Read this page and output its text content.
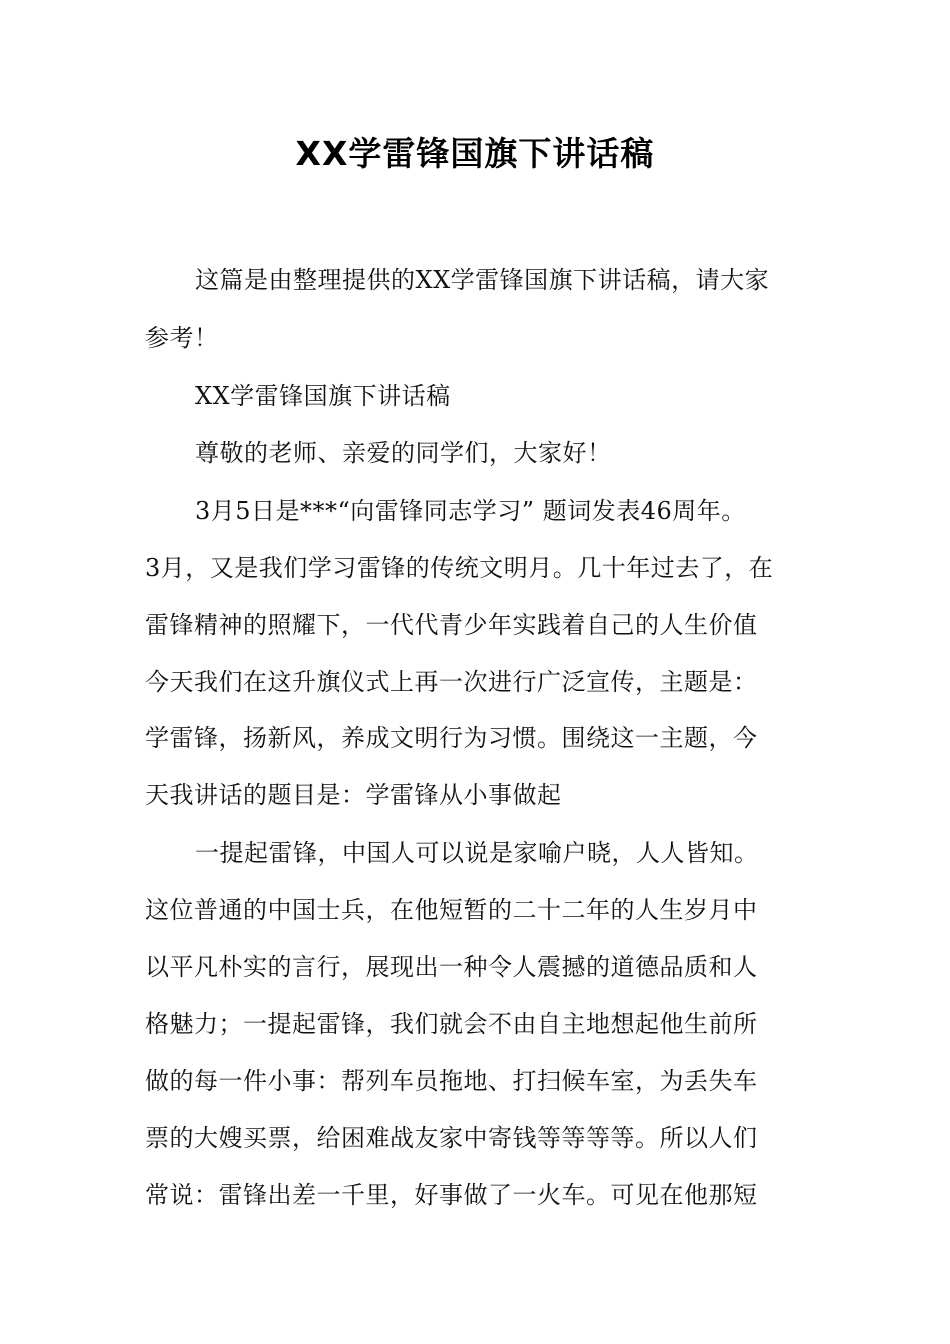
XX学雷锋国旗下讲话稿
这篇是由整理提供的XX学雷锋国旗下讲话稿，请大家
参考！
XX学雷锋国旗下讲话稿
尊敬的老师、亲爱的同学们，大家好！
3月5日是***“向雷锋同志学习” 题词发表46周年。
3月，又是我们学习雷锋的传统文明月。几十年过去了，在
雷锋精神的照耀下，一代代青少年实践着自己的人生价值
今天我们在这升旗仪式上再一次进行广泛宣传，主题是：
学雷锋，扬新风，养成文明行为习惯。围绕这一主题，今
天我讲话的题目是：学雷锋从小事做起
一提起雷锋，中国人可以说是家喻户晓，人人皆知。
这位普通的中国士兵，在他短暂的二十二年的人生岁月中
以平凡朴实的言行，展现出一种令人震撼的道德品质和人
格魅力；一提起雷锋，我们就会不由自主地想起他生前所
做的每一件小事：帮列车员拖地、打扫候车室，为丢失车
票的大嫂买票，给困难战友家中寄钱等等等等。所以人们
常说：雷锋出差一千里，好事做了一火车。可见在他那短
